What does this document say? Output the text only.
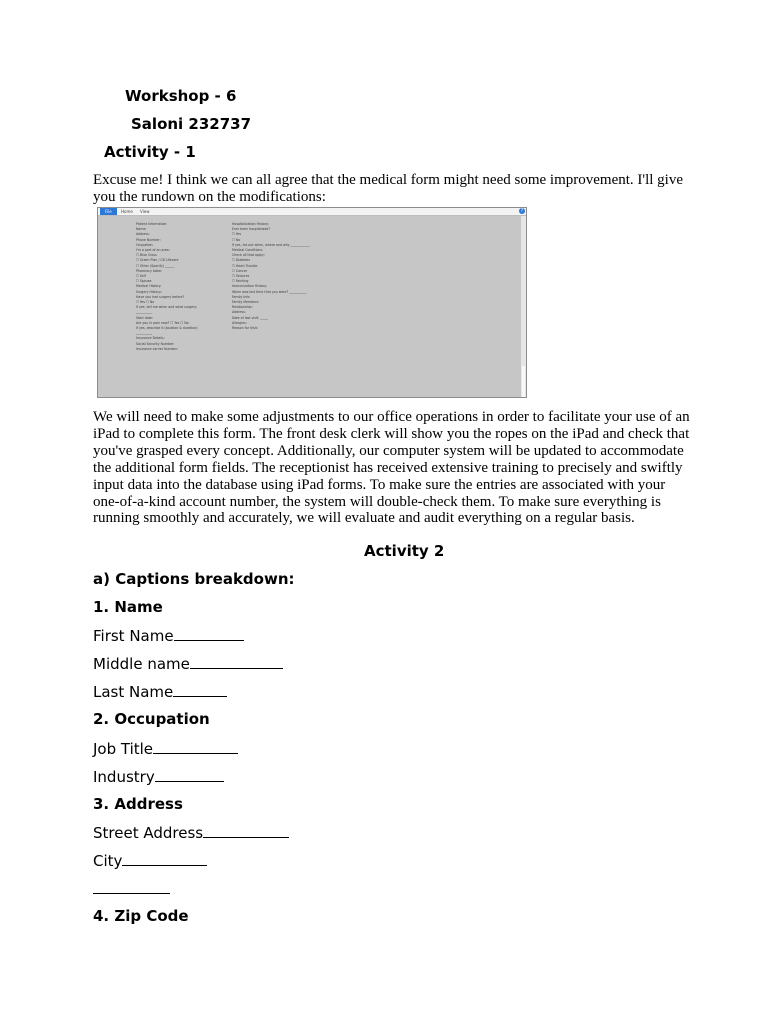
Workshop - 6
Saloni 232737
Activity - 1
Excuse me! I think we can all agree that the medical form might need some improvement. I'll give you the rundown on the modifications:
File	Home	View	?
Patient Information
Name:
Address:
Phone Number:
Ocupation:
I'm a part of an area:
☐ Blue Cross
☐ Green Plan / CB Lifecare
☐ Other (Specify) ______
Pharmacy table:
☐ Self
☐ Spouse
Medical History:
Surgery History:
Have you had surgery before?
☐ Yes ☐ No
If yes, tell me when and what surgery:
__________
Start date:
Are you in pain now? ☐ Yes ☐ No
If yes, describe it (location & duration):
__________
Insurance Details:
Social Security Number:
Insurance carrier Number:
Hospitalization History:
Ever been hospitalized?
☐ Yes
☐ No
If yes, list out when, where and why ____________
Medical Conditions:
Check all that apply:
☐ Diabetes
☐ Heart Trouble
☐ Cancer
☐ Seizures
☐ Fainting
Immunization History:
When was last time that you were? ___________
Family Info:
Family Members:
Relationship:
Address:
Date of last visit: _____
Allergies:
Reason for Visit:
We will need to make some adjustments to our office operations in order to facilitate your use of an iPad to complete this form. The front desk clerk will show you the ropes on the iPad and check that you've grasped every concept. Additionally, our computer system will be updated to accommodate the additional form fields. The receptionist has received extensive training to precisely and swiftly input data into the database using iPad forms. To make sure the entries are associated with your one-of-a-kind account number, the system will double-check them. To make sure everything is running smoothly and accurately, we will evaluate and audit everything on a regular basis.
Activity 2
a) Captions breakdown:
1. Name
First Name
Middle name
Last Name
2. Occupation
Job Title
Industry
3. Address
Street Address
City
4. Zip Code
